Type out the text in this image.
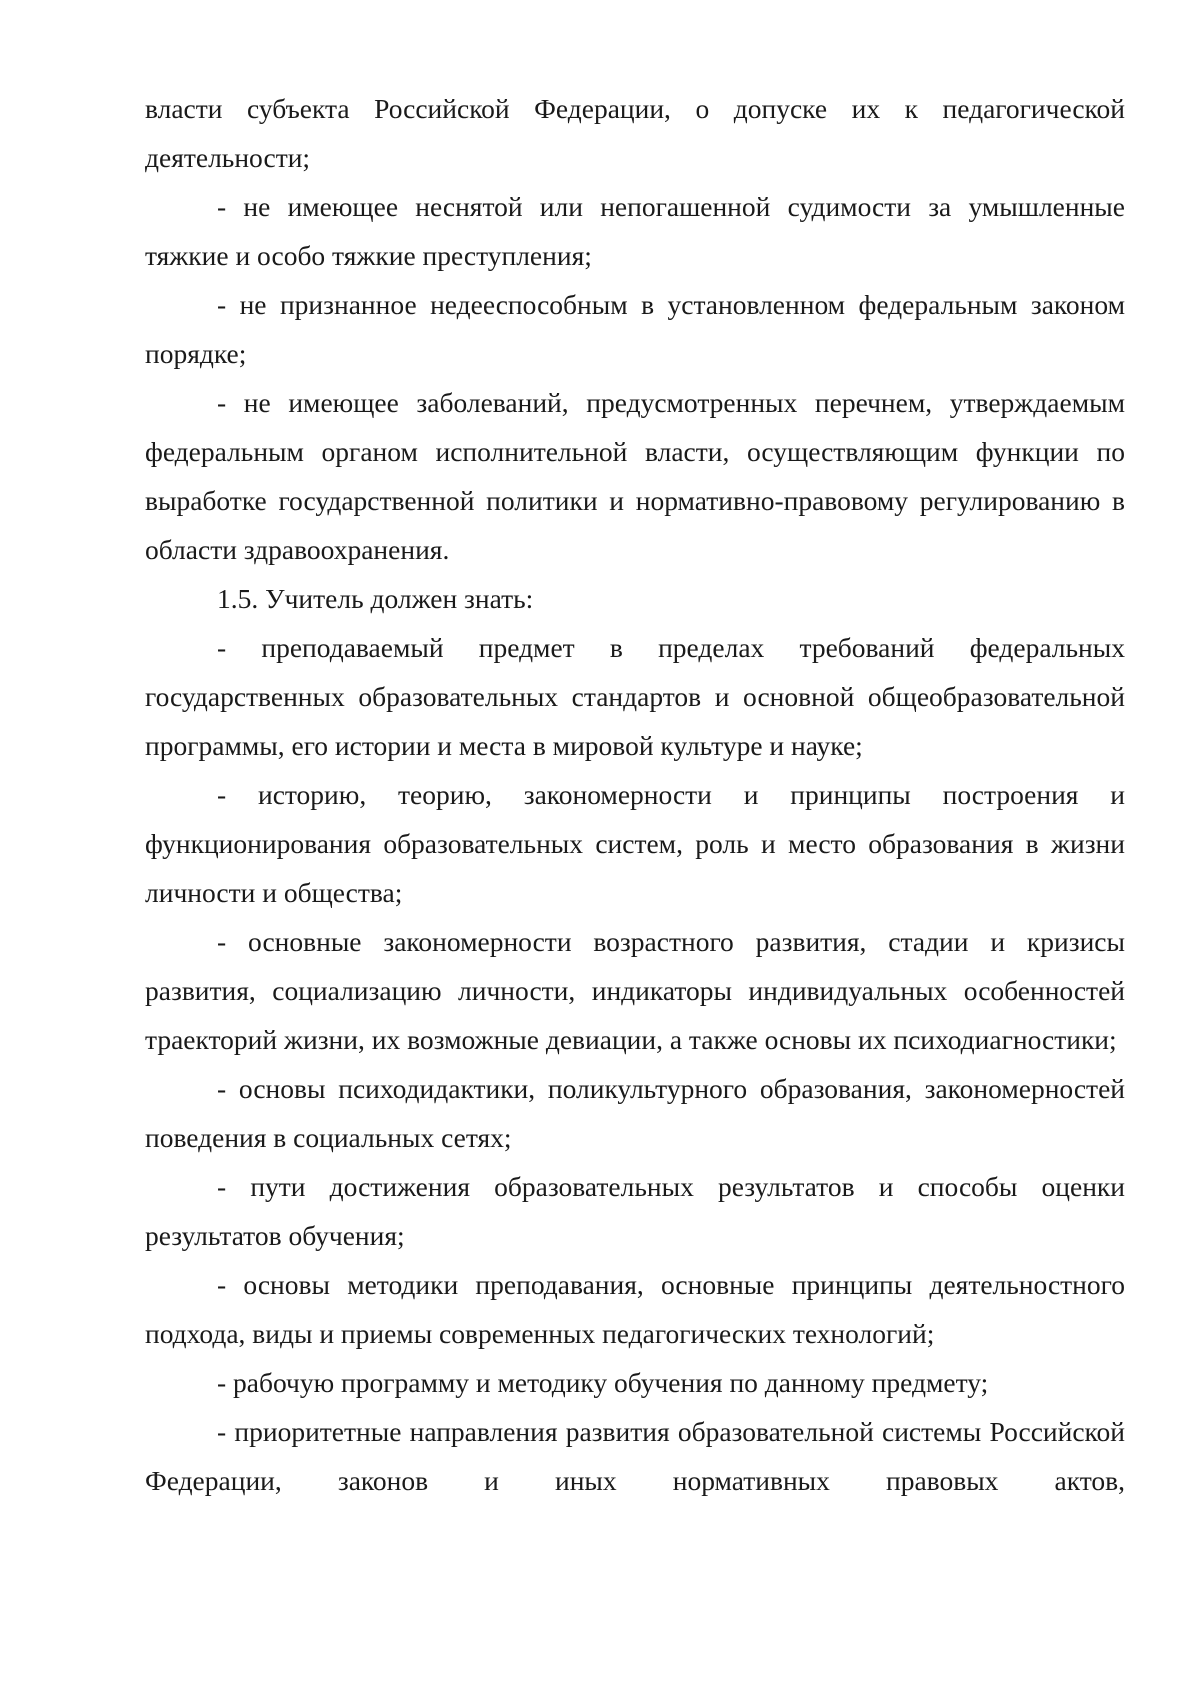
власти субъекта Российской Федерации, о допуске их к педагогической деятельности;

- не имеющее неснятой или непогашенной судимости за умышленные тяжкие и особо тяжкие преступления;

- не признанное недееспособным в установленном федеральным законом порядке;

- не имеющее заболеваний, предусмотренных перечнем, утверждаемым федеральным органом исполнительной власти, осуществляющим функции по выработке государственной политики и нормативно-правовому регулированию в области здравоохранения.

1.5. Учитель должен знать:

- преподаваемый предмет в пределах требований федеральных государственных образовательных стандартов и основной общеобразовательной программы, его истории и места в мировой культуре и науке;

- историю, теорию, закономерности и принципы построения и функционирования образовательных систем, роль и место образования в жизни личности и общества;

- основные закономерности возрастного развития, стадии и кризисы развития, социализацию личности, индикаторы индивидуальных особенностей траекторий жизни, их возможные девиации, а также основы их психодиагностики;

- основы психодидактики, поликультурного образования, закономерностей поведения в социальных сетях;

- пути достижения образовательных результатов и способы оценки результатов обучения;

- основы методики преподавания, основные принципы деятельностного подхода, виды и приемы современных педагогических технологий;

- рабочую программу и методику обучения по данному предмету;

- приоритетные направления развития образовательной системы Российской Федерации, законов и иных нормативных правовых актов,
